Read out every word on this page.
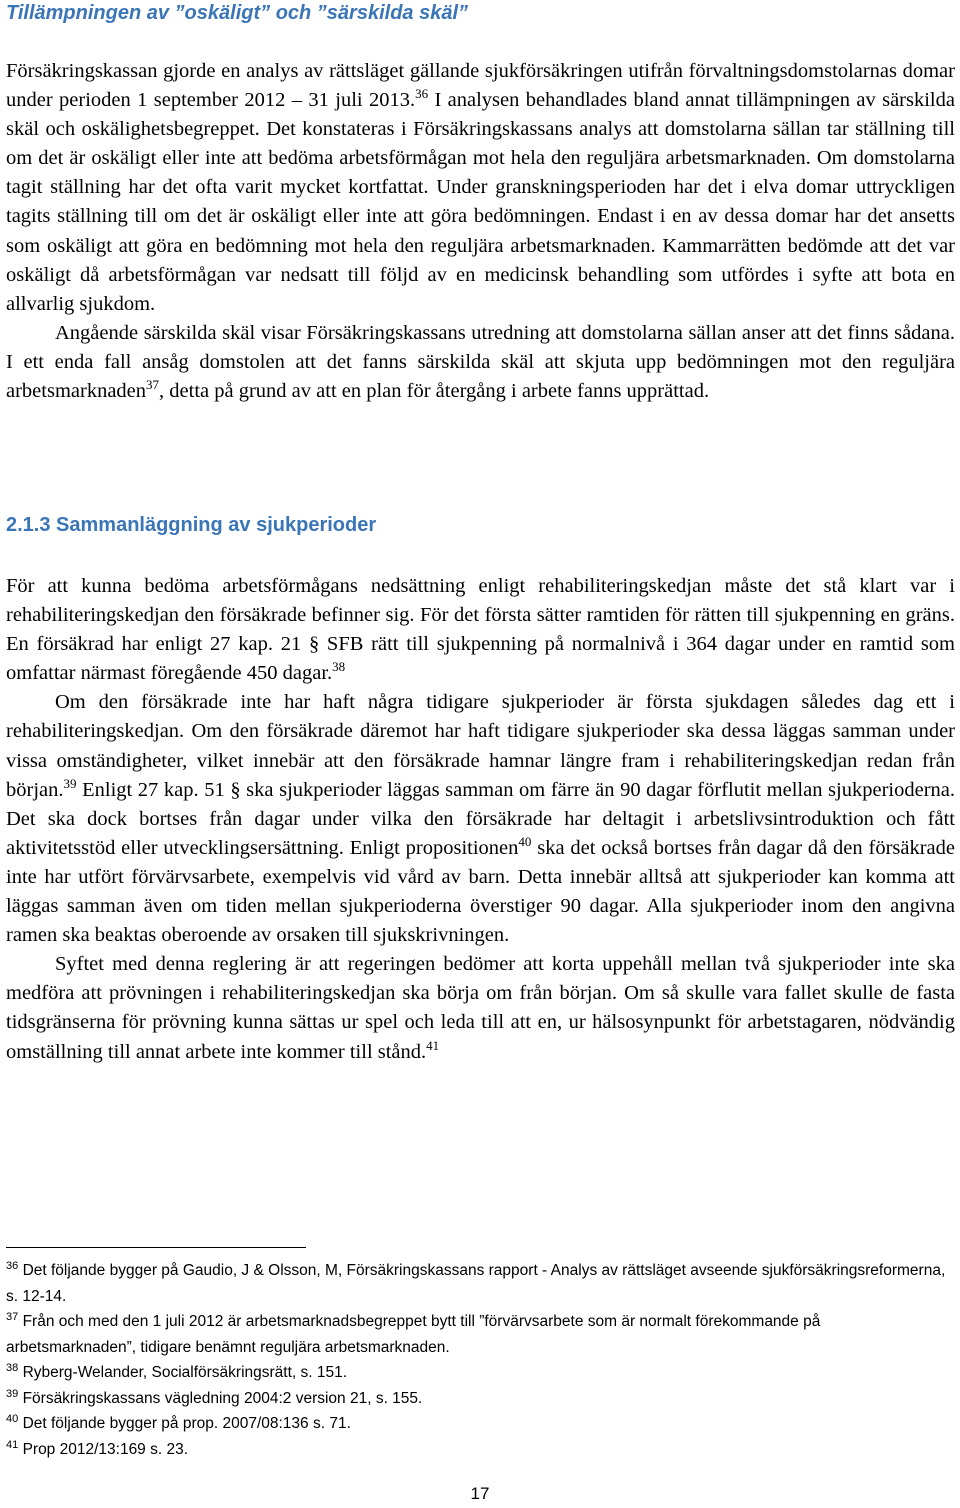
Tillämpningen av ”oskäligt” och ”särskilda skäl”

Försäkringskassan gjorde en analys av rättsläget gällande sjukförsäkringen utifrån förvaltningsdomstolarnas domar under perioden 1 september 2012 – 31 juli 2013.36 I analysen behandlades bland annat tillämpningen av särskilda skäl och oskälighetsbegreppet. Det konstateras i Försäkringskassans analys att domstolarna sällan tar ställning till om det är oskäligt eller inte att bedöma arbetsförmågan mot hela den reguljära arbetsmarknaden. Om domstolarna tagit ställning har det ofta varit mycket kortfattat. Under granskningsperioden har det i elva domar uttryckligen tagits ställning till om det är oskäligt eller inte att göra bedömningen. Endast i en av dessa domar har det ansetts som oskäligt att göra en bedömning mot hela den reguljära arbetsmarknaden. Kammarrätten bedömde att det var oskäligt då arbetsförmågan var nedsatt till följd av en medicinsk behandling som utfördes i syfte att bota en allvarlig sjukdom.

Angående särskilda skäl visar Försäkringskassans utredning att domstolarna sällan anser att det finns sådana. I ett enda fall ansåg domstolen att det fanns särskilda skäl att skjuta upp bedömningen mot den reguljära arbetsmarknaden$^{37}$, detta på grund av att en plan för återgång i arbete fanns upprättad.

2.1.3 Sammanläggning av sjukperioder

För att kunna bedöma arbetsförmågans nedsättning enligt rehabiliteringskedjan måste det stå klart var i rehabiliteringskedjan den försäkrade befinner sig. För det första sätter ramtiden för rätten till sjukpenning en gräns. En försäkrad har enligt 27 kap. 21 § SFB rätt till sjukpenning på normalnivå i 364 dagar under en ramtid som omfattar närmast föregående 450 dagar.$^{38}$

Om den försäkrade inte har haft några tidigare sjukperioder är första sjukdagen således dag ett i rehabiliteringskedjan. Om den försäkrade däremot har haft tidigare sjukperioder ska dessa läggas samman under vissa omständigheter, vilket innebär att den försäkrade hamnar längre fram i rehabiliteringskedjan redan från början.$^{39}$ Enligt 27 kap. 51 § ska sjukperioder läggas samman om färre än 90 dagar förflutit mellan sjukperioderna. Det ska dock bortses från dagar under vilka den försäkrade har deltagit i arbetslivsintroduktion och fått aktivitetsstöd eller utvecklingsersättning. Enligt propositionen$^{40}$ ska det också bortses från dagar då den försäkrade inte har utfört förvärvsarbete, exempelvis vid vård av barn. Detta innebär alltså att sjukperioder kan komma att läggas samman även om tiden mellan sjukperioderna överstiger 90 dagar. Alla sjukperioder inom den angivna ramen ska beaktas oberoende av orsaken till sjukskrivningen.

Syftet med denna reglering är att regeringen bedömer att korta uppehåll mellan två sjukperioder inte ska medföra att prövningen i rehabiliteringskedjan ska börja om från början. Om så skulle vara fallet skulle de fasta tidsgränserna för prövning kunna sättas ur spel och leda till att en, ur hälsosynpunkt för arbetstagaren, nödvändig omställning till annat arbete inte kommer till stånd.$^{41}$

$^{36}$ Det följande bygger på Gaudio, J & Olsson, M, Försäkringskassans rapport - Analys av rättsläget avseende sjukförsäkringsreformerna, s. 12-14.

$^{37}$ Från och med den 1 juli 2012 är arbetsmarknadsbegreppet bytt till ”förvärvsarbete som är normalt förekommande på arbetsmarknaden”, tidigare benämnt reguljära arbetsmarknaden.

$^{38}$ Ryberg-Welander, Socialförsäkringsrätt, s. 151.

$^{39}$ Försäkringskassans vägledning 2004:2 version 21, s. 155.

$^{40}$ Det följande bygger på prop. 2007/08:136 s. 71.

$^{41}$ Prop 2012/13:169 s. 23.

17
